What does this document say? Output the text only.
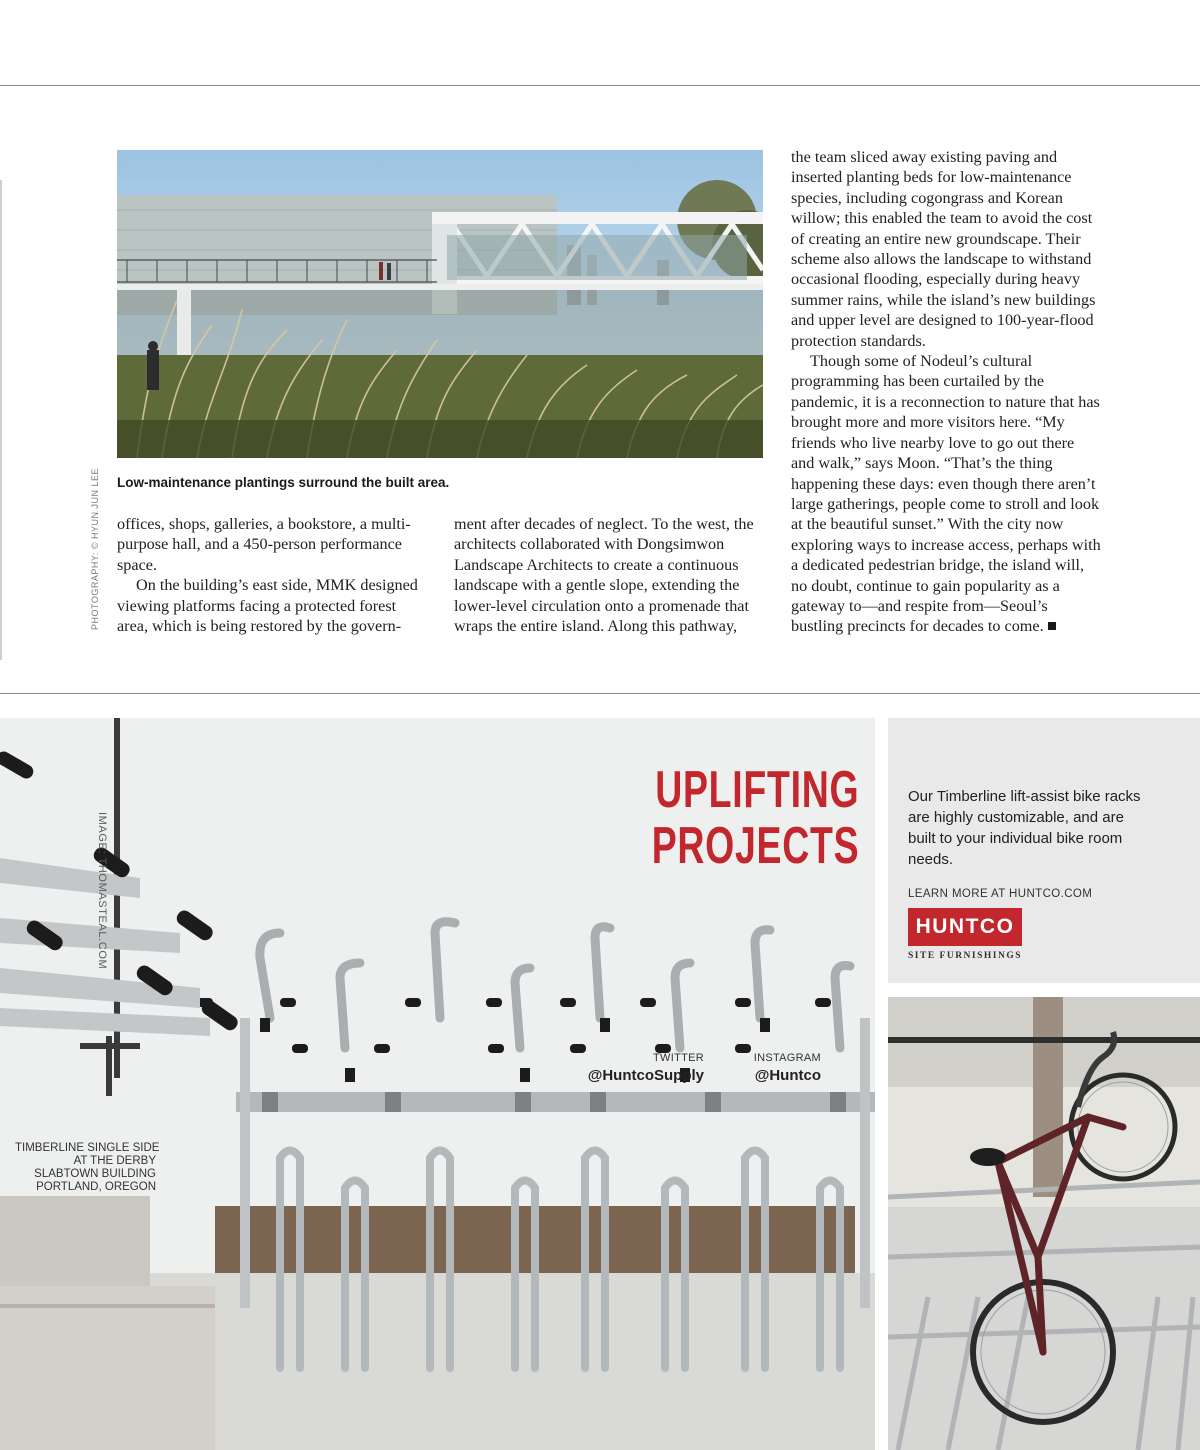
Low-maintenance plantings surround the built area.
PHOTOGRAPHY: © HYUN JUN LEE offices, shops, galleries, a bookstore, a multi-purpose hall, and a 450-person performance space.

On the building’s east side, MMK designed viewing platforms facing a protected forest area, which is being restored by the govern-

ment after decades of neglect. To the west, the architects collaborated with Dongsimwon Landscape Architects to create a continuous landscape with a gentle slope, extending the lower-level circulation onto a promenade that wraps the entire island. Along this pathway,

the team sliced away existing paving and inserted planting beds for low-maintenance species, including cogongrass and Korean willow; this enabled the team to avoid the cost of creating an entire new groundscape. Their scheme also allows the landscape to withstand occasional flooding, especially during heavy summer rains, while the island’s new buildings and upper level are designed to 100-year-flood protection standards.

Though some of Nodeul’s cultural programming has been curtailed by the pandemic, it is a reconnection to nature that has brought more and more visitors here. “My friends who live nearby love to go out there and walk,” says Moon. “That’s the thing happening these days: even though there aren’t large gatherings, people come to stroll and look at the beautiful sunset.” With the city now exploring ways to increase access, perhaps with a dedicated pedestrian bridge, the island will, no doubt, continue to gain popularity as a gateway to—and respite from—Seoul’s bustling precincts for decades to come.

UPLIFTING
PROJECTS
IMAGE: THOMASTEAL.COM
TIMBERLINE SINGLE SIDE
AT THE DERBY
SLABTOWN BUILDING
PORTLAND, OREGON
TWITTER
@HuntcoSupply
INSTAGRAM
@Huntco
Our Timberline lift-assist bike racks are highly customizable, and are built to your individual bike room needs.
LEARN MORE AT HUNTCO.COM
HUNTCO
SITE FURNISHINGS
